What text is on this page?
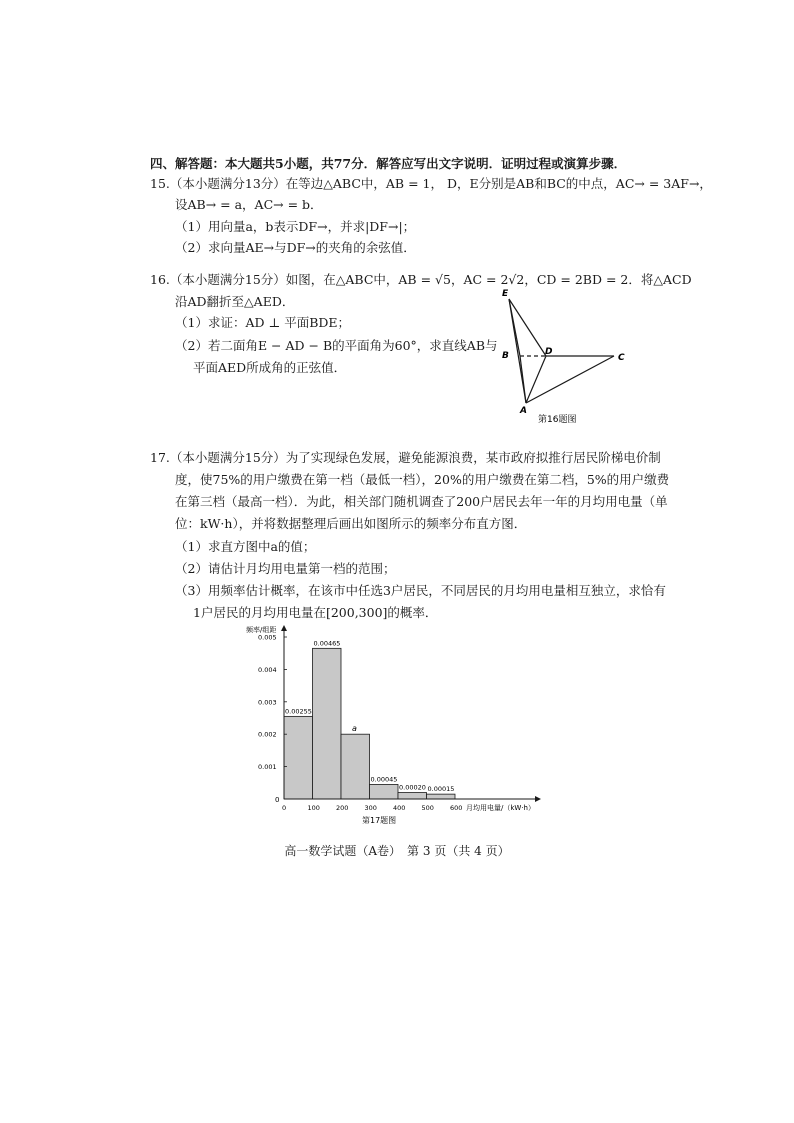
四、解答题：本大题共5小题，共77分．解答应写出文字说明．证明过程或演算步骤．
15.（本小题满分13分）在等边△ABC中，AB = 1， D，E分别是AB和BC的中点，AC→ = 3AF→，
设AB→ = a，AC→ = b．
（1）用向量a，b表示DF→，并求|DF→|；
（2）求向量AE→与DF→的夹角的余弦值．
16.（本小题满分15分）如图，在△ABC中，AB = √5，AC = 2√2，CD = 2BD = 2．将△ACD
沿AD翻折至△AED．
（1）求证：AD ⊥ 平面BDE；
（2）若二面角E − AD − B的平面角为60°，求直线AB与
平面AED所成角的正弦值．
E
B	D
C
A
第16题图
17.（本小题满分15分）为了实现绿色发展，避免能源浪费，某市政府拟推行居民阶梯电价制
度，使75%的用户缴费在第一档（最低一档），20%的用户缴费在第二档，5%的用户缴费
在第三档（最高一档）．为此，相关部门随机调查了200户居民去年一年的月均用电量（单
位：kW·h），并将数据整理后画出如图所示的频率分布直方图．
（1）求直方图中a的值；
（2）请估计月均用电量第一档的范围；
（3）用频率估计概率，在该市中任选3户居民，不同居民的月均用电量相互独立，求恰有
1户居民的月均用电量在[200,300]的概率．
0.00255
0.00465
a
0.00045
0.00020 0.00015
0.001
0.002
0.003
0.004
0.005
100 200 300 400 500 600
0
频率/组距
月均用电量/（kW·h）
0
第17题图
高一数学试题（A卷）　第 3 页（共 4 页）
